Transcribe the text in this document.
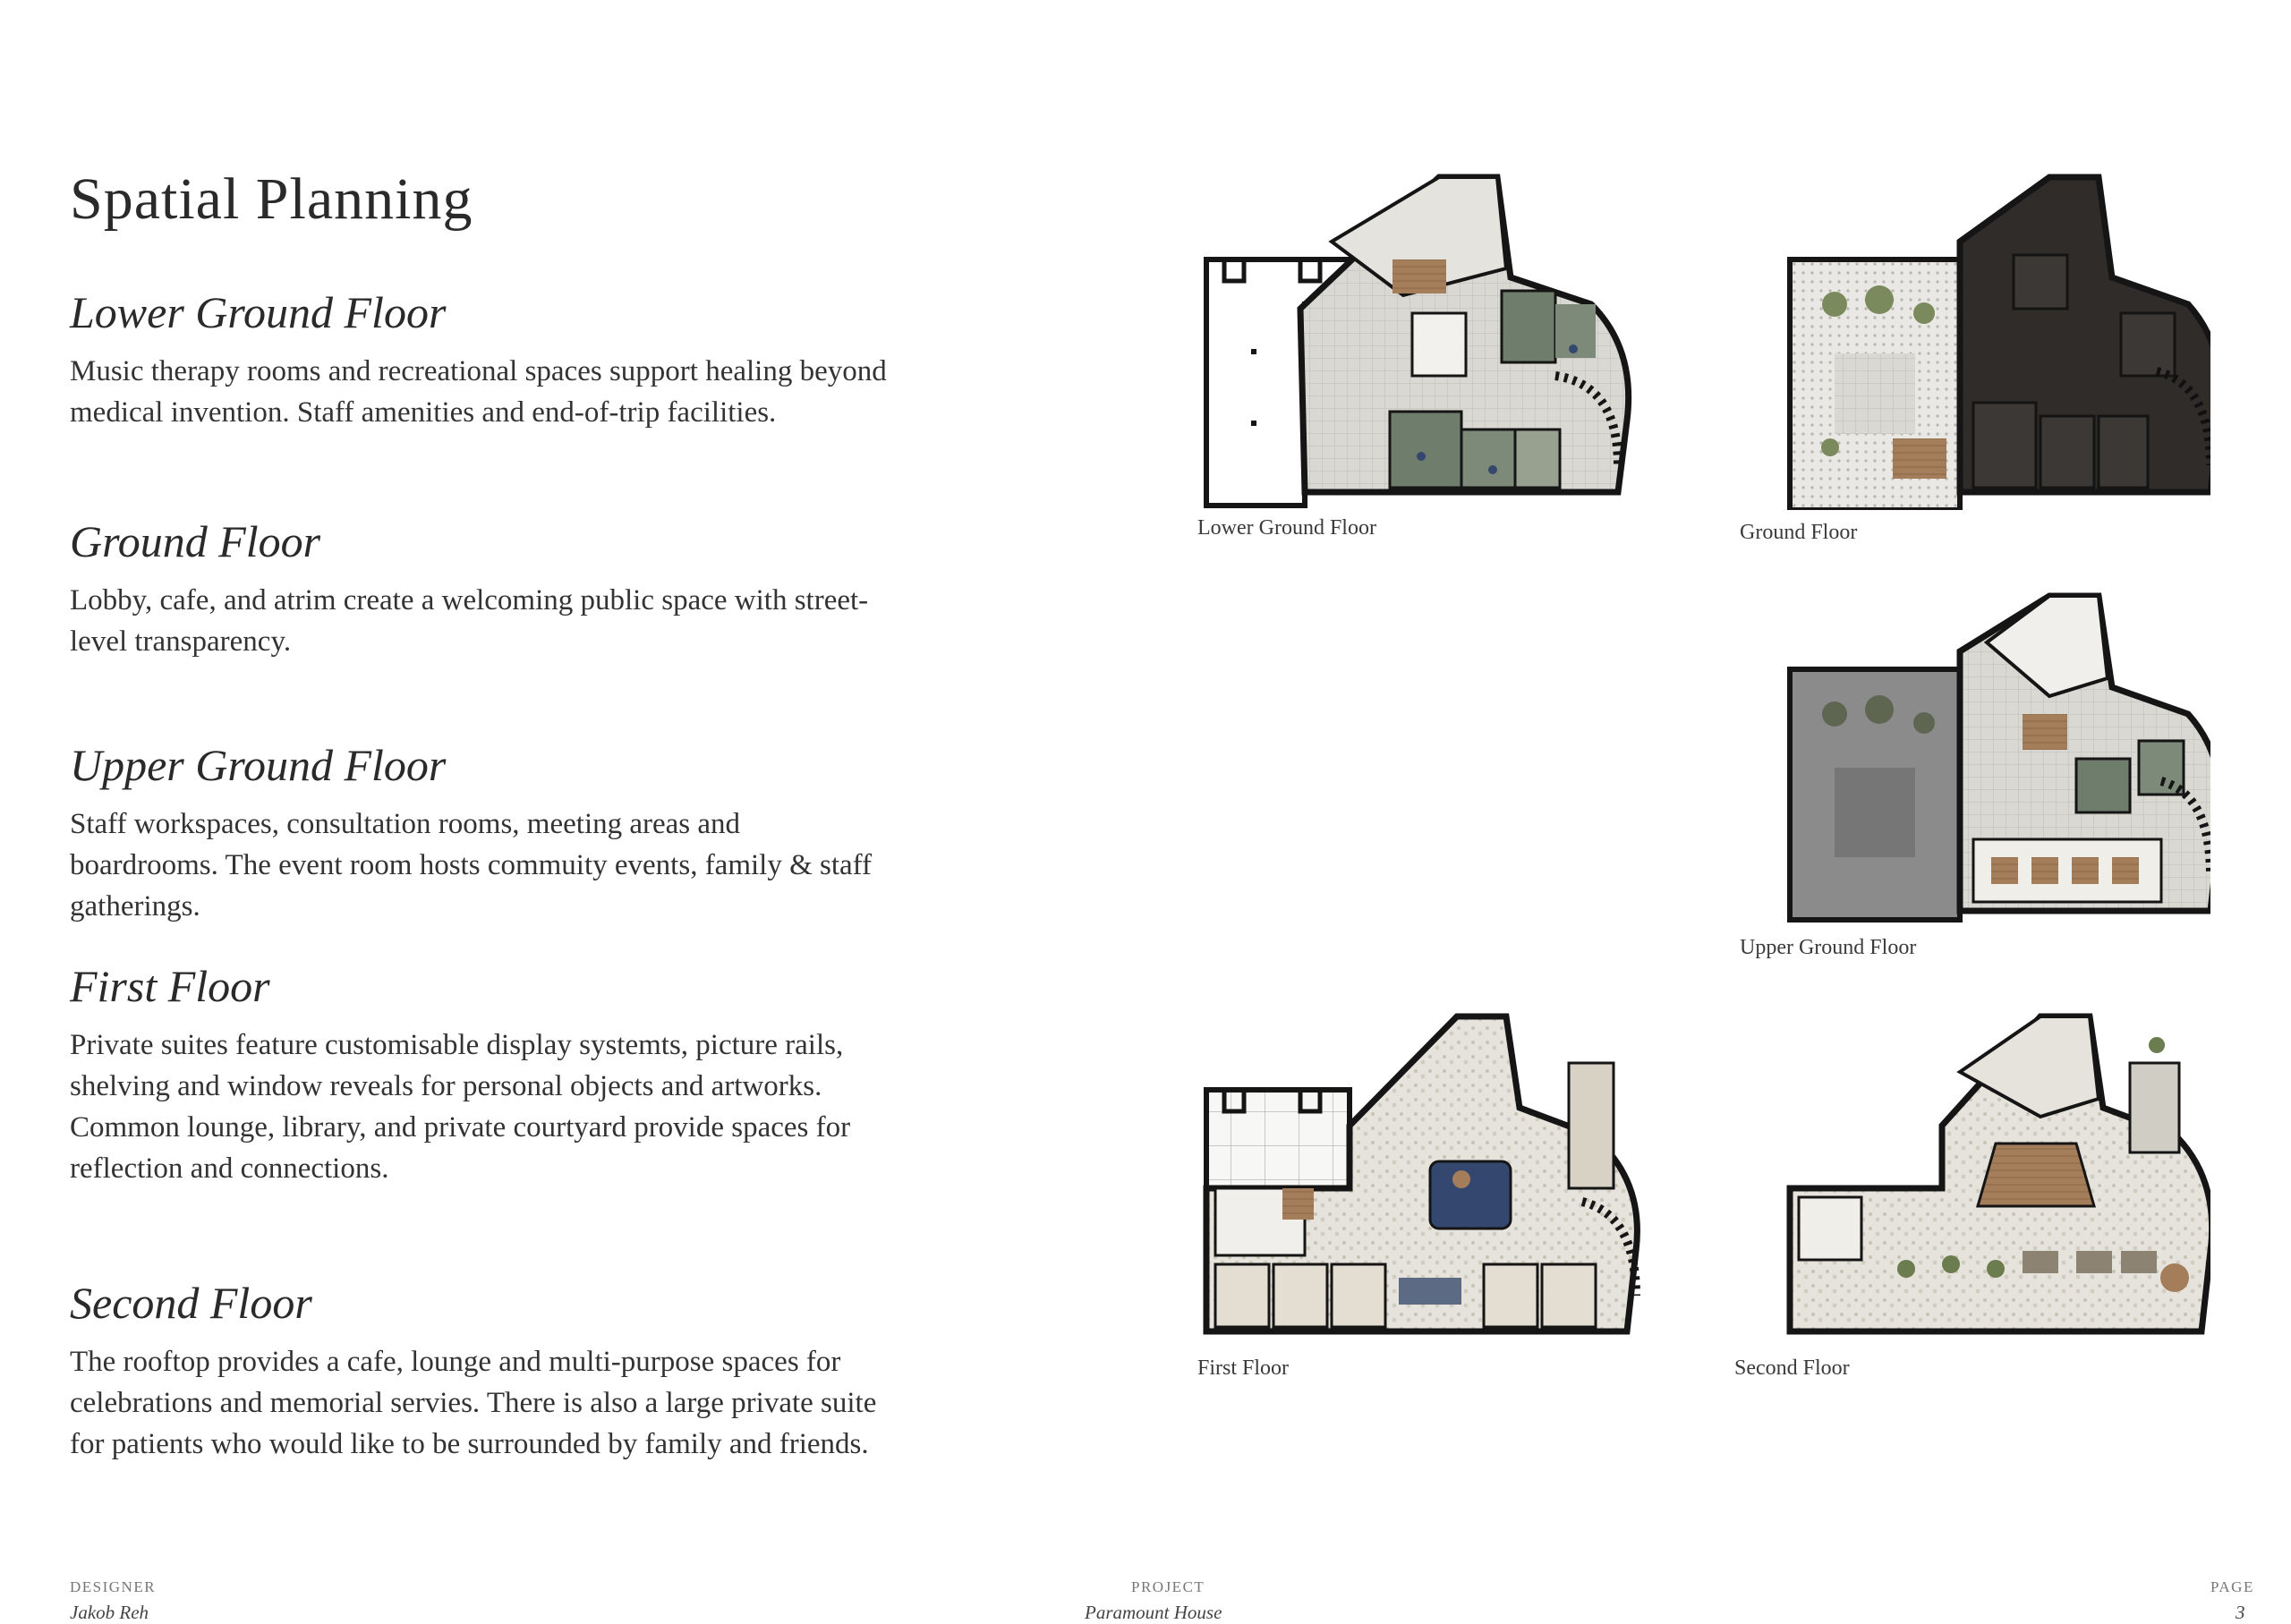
Spatial Planning
Lower Ground Floor

Music therapy rooms and recreational spaces support healing beyond medical invention. Staff amenities and end-of-trip facilities.

Ground Floor

Lobby, cafe, and atrim create a welcoming public space with street-level transparency.

Upper Ground Floor

Staff workspaces, consultation rooms, meeting areas and boardrooms. The event room hosts commuity events, family & staff gatherings.

First Floor

Private suites feature customisable display systemts, picture rails, shelving and window reveals for personal objects and artworks. Common lounge, library, and private courtyard provide spaces for reflection and connections.

Second Floor

The rooftop provides a cafe, lounge and multi-purpose spaces for celebrations and memorial servies. There is also a large private suite for patients who would like to be surrounded by family and friends.

Lower Ground Floor	Ground Floor
Upper Ground Floor
First Floor	Second Floor
DESIGNER
Jakob Reh
PROJECT
Paramount House
PAGE
3
